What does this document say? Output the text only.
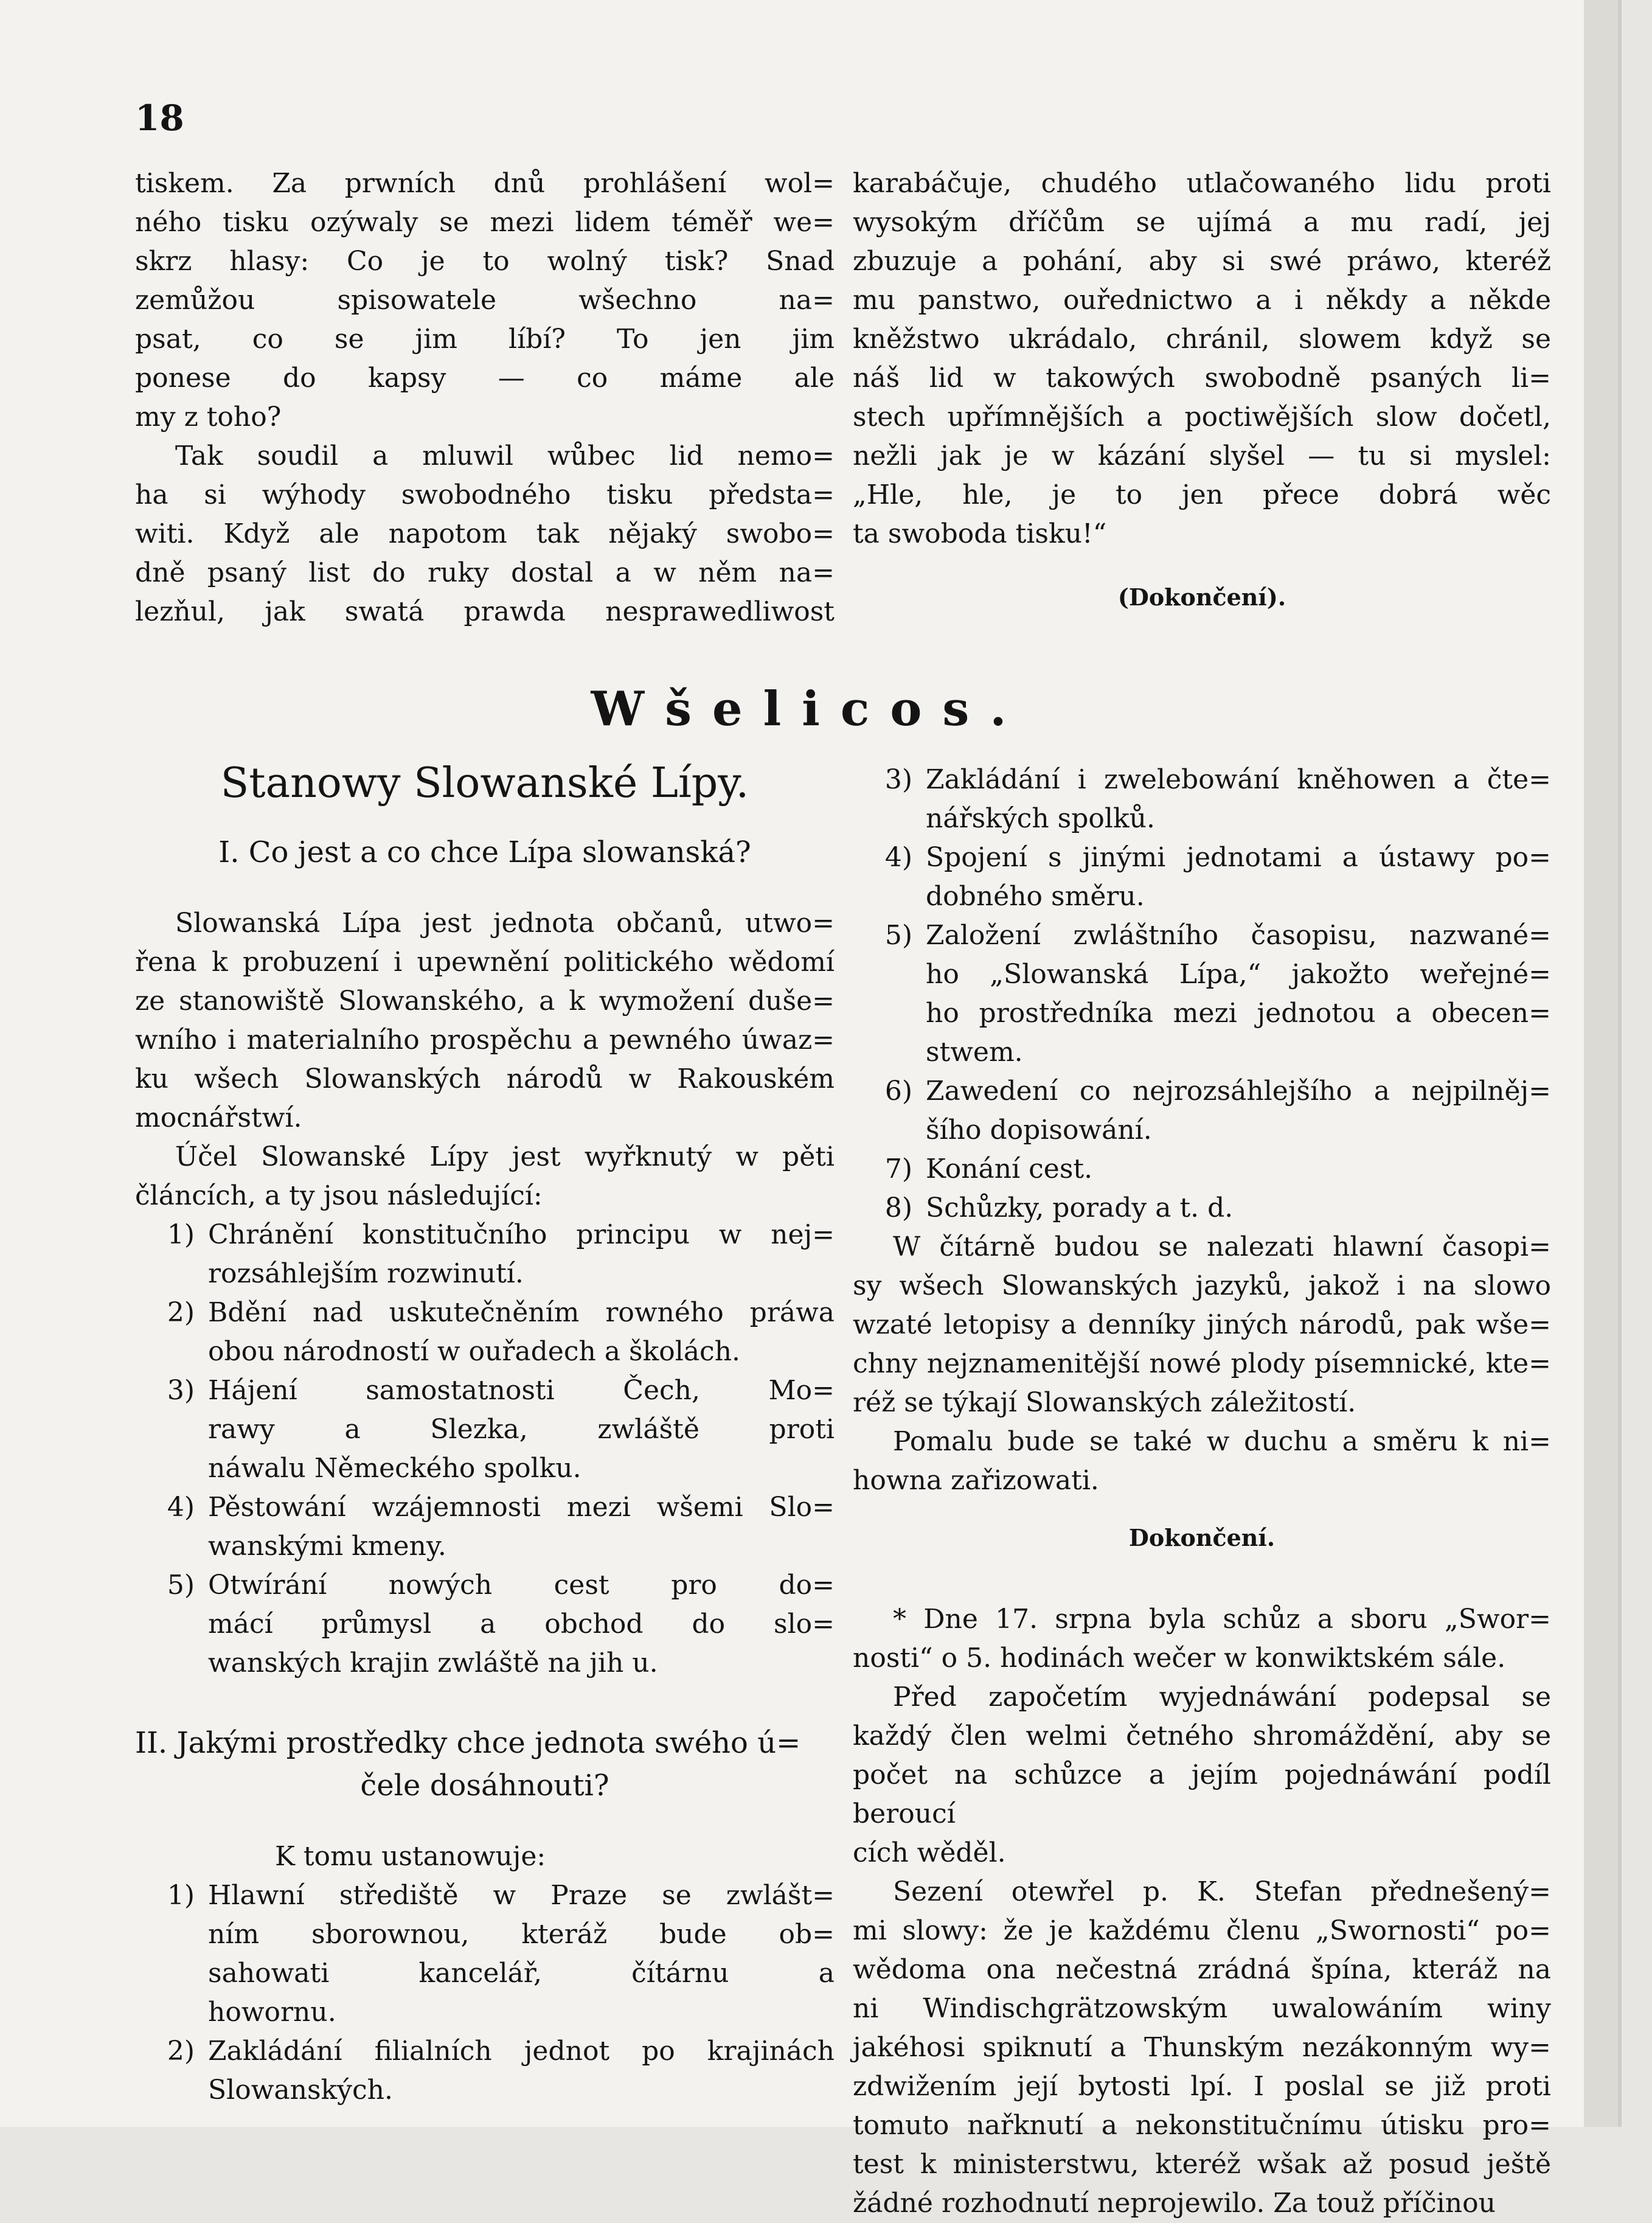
18
tiskem. Za prwních dnů prohlášení wol=
ného tisku ozýwaly se mezi lidem téměř we=
skrz hlasy: Co je to wolný tisk? Snad
zemůžou spisowatele wšechno na=
psat, co se jim líbí? To jen jim
ponese do kapsy — co máme ale
my z toho?
Tak soudil a mluwil wůbec lid nemo=
ha si wýhody swobodného tisku předsta=
witi. Když ale napotom tak nějaký swobo=
dně psaný list do ruky dostal a w něm na=
lezňul, jak swatá prawda nesprawedliwost
karabáčuje, chudého utlačowaného lidu proti
wysokým dříčům se ujímá a mu radí, jej
zbuzuje a pohání, aby si swé práwo, kteréž
mu panstwo, ouřednictwo a i někdy a někde
kněžstwo ukrádalo, chránil, slowem když se
náš lid w takowých swobodně psaných li=
stech upřímnějších a poctiwějších slow dočetl,
nežli jak je w kázání slyšel — tu si myslel:
„Hle, hle, je to jen přece dobrá wěc
ta swoboda tisku!“

(Dokončení).

Wšelicos.

Stanowy Slowanské Lípy.

I. Co jest a co chce Lípa slowanská?

Slowanská Lípa jest jednota občanů, utwo=
řena k probuzení i upewnění politického wědomí
ze stanowiště Slowanského, a k wymožení duše=
wního i materialního prospěchu a pewného úwaz=
ku wšech Slowanských národů w Rakouském
mocnářstwí.
Účel Slowanské Lípy jest wyřknutý w pěti
článcích, a ty jsou následující:
1) Chránění konstitučního principu w nej=
rozsáhlejším rozwinutí.
2) Bdění nad uskutečněním rowného práwa
obou národností w ouřadech a školách.
3) Hájení samostatnosti Čech, Mo=
rawy a Slezka, zwláště proti
náwalu Německého spolku.
4) Pěstowání wzájemnosti mezi wšemi Slo=
wanskými kmeny.
5) Otwírání nowých cest pro do=
mácí průmysl a obchod do slo=
wanských krajin zwláště na jih u.
II. Jakými prostředky chce jednota swého ú=
čele dosáhnouti?

K tomu ustanowuje:

1) Hlawní střediště w Praze se zwlášt=
ním sborownou, kteráž bude ob=
sahowati kancelář, čítárnu a
howornu.
2) Zakládání filialních jednot po krajinách
Slowanských.
3) Zakládání i zwelebowání kněhowen a čte=
nářských spolků.
4) Spojení s jinými jednotami a ústawy po=
dobného směru.
5) Založení zwláštního časopisu, nazwané=
ho „Slowanská Lípa,“ jakožto weřejné=
ho prostředníka mezi jednotou a obecen=
stwem.
6) Zawedení co nejrozsáhlejšího a nejpilněj=
šího dopisowání.
7) Konání cest.
8) Schůzky, porady a t. d.
W čítárně budou se nalezati hlawní časopi=
sy wšech Slowanských jazyků, jakož i na slowo
wzaté letopisy a denníky jiných národů, pak wše=
chny nejznamenitější nowé plody písemnické, kte=
réž se týkají Slowanských záležitostí.
Pomalu bude se také w duchu a směru k ni=
howna zařizowati.

Dokončení.

* Dne 17. srpna byla schůz a sboru „Swor=
nosti“ o 5. hodinách wečer w konwiktském sále.
Před započetím wyjednáwání podepsal se
každý člen welmi četného shromáždění, aby se
počet na schůzce a jejím pojednáwání podíl beroucí
cích wěděl.
Sezení otewřel p. K. Stefan přednešený=
mi slowy: že je každému členu „Swornosti“ po=
wědoma ona nečestná zrádná špína, kteráž na
ni Windischgrätzowským uwalowáním winy
jakéhosi spiknutí a Thunským nezákonným wy=
zdwižením její bytosti lpí. I poslal se již proti
tomuto nařknutí a nekonstitučnímu útisku pro=
test k ministerstwu, kteréž wšak až posud ještě
žádné rozhodnutí neprojewilo. Za touž příčinou
